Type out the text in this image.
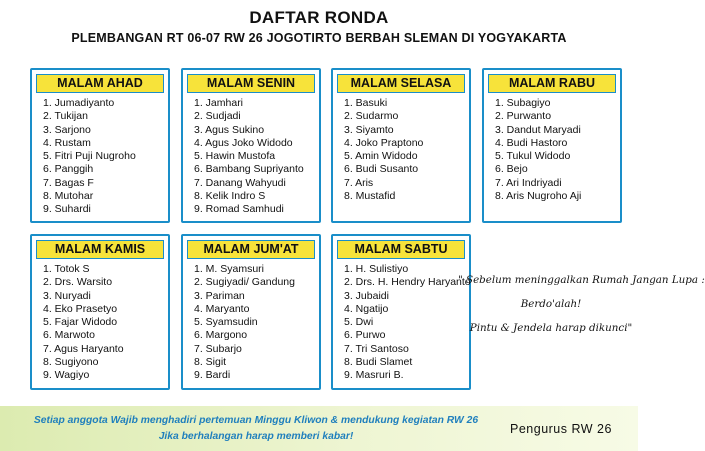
DAFTAR RONDA
PLEMBANGAN RT 06-07 RW 26 JOGOTIRTO BERBAH SLEMAN DI YOGYAKARTA
MALAM AHAD
1. Jumadiyanto
2. Tukijan
3. Sarjono
4. Rustam
5. Fitri Puji Nugroho
6. Panggih
7. Bagas F
8. Mutohar
9. Suhardi
MALAM SENIN
1. Jamhari
2. Sudjadi
3. Agus Sukino
4. Agus Joko Widodo
5. Hawin Mustofa
6. Bambang Supriyanto
7. Danang Wahyudi
8. Kelik Indro S
9. Romad Samhudi
MALAM SELASA
1. Basuki
2. Sudarmo
3. Siyamto
4. Joko Praptono
5. Amin Widodo
6. Budi Susanto
7. Aris
8. Mustafid
MALAM RABU
1. Subagiyo
2. Purwanto
3. Dandut Maryadi
4. Budi Hastoro
5. Tukul Widodo
6. Bejo
7. Ari Indriyadi
8. Aris Nugroho Aji
MALAM KAMIS
1. Totok S
2. Drs. Warsito
3. Nuryadi
4. Eko Prasetyo
5. Fajar Widodo
6. Marwoto
7. Agus Haryanto
8. Sugiyono
9. Wagiyo
MALAM JUM'AT
1. M. Syamsuri
2. Sugiyadi/ Gandung
3. Pariman
4. Maryanto
5. Syamsudin
6. Margono
7. Subarjo
8. Sigit
9. Bardi
MALAM SABTU
1. H. Sulistiyo
2. Drs. H. Hendry Haryanto
3. Jubaidi
4. Ngatijo
5. Dwi
6. Purwo
7. Tri Santoso
8. Budi Slamet
9. Masruri B.
" Sebelum meninggalkan Rumah Jangan Lupa :
Berdo'alah!
Pintu & Jendela harap dikunci"
Setiap anggota Wajib menghadiri pertemuan Minggu Kliwon & mendukung kegiatan RW 26
Jika berhalangan harap memberi kabar!
Pengurus RW 26
